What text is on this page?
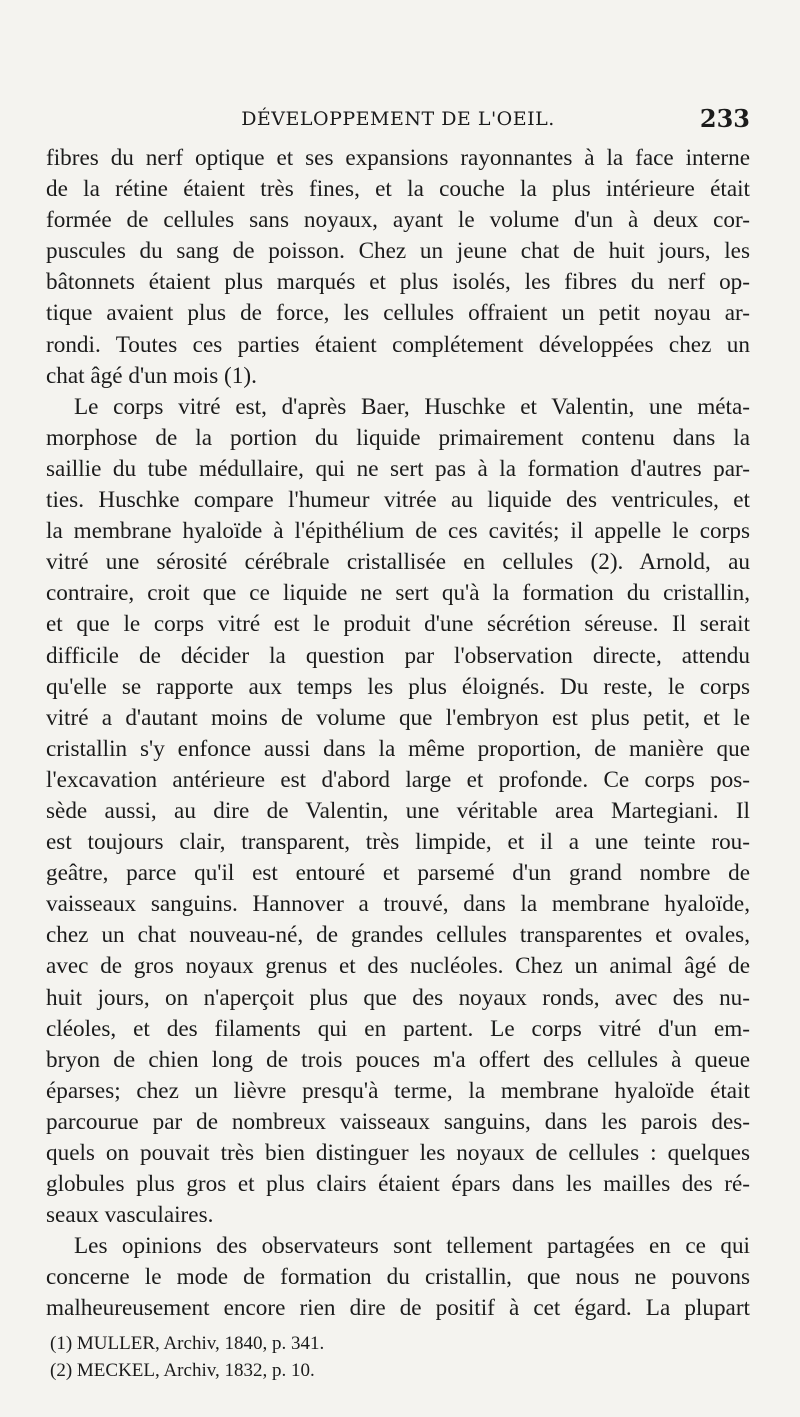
DÉVELOPPEMENT DE L'OEIL.	233
fibres du nerf optique et ses expansions rayonnantes à la face interne
de la rétine étaient très fines, et la couche la plus intérieure était
formée de cellules sans noyaux, ayant le volume d'un à deux cor-
puscules du sang de poisson. Chez un jeune chat de huit jours, les
bâtonnets étaient plus marqués et plus isolés, les fibres du nerf op-
tique avaient plus de force, les cellules offraient un petit noyau ar-
rondi. Toutes ces parties étaient complétement développées chez un
chat âgé d'un mois (1).
Le corps vitré est, d'après Baer, Huschke et Valentin, une méta-
morphose de la portion du liquide primairement contenu dans la
saillie du tube médullaire, qui ne sert pas à la formation d'autres par-
ties. Huschke compare l'humeur vitrée au liquide des ventricules, et
la membrane hyaloïde à l'épithélium de ces cavités; il appelle le corps
vitré une sérosité cérébrale cristallisée en cellules (2). Arnold, au
contraire, croit que ce liquide ne sert qu'à la formation du cristallin,
et que le corps vitré est le produit d'une sécrétion séreuse. Il serait
difficile de décider la question par l'observation directe, attendu
qu'elle se rapporte aux temps les plus éloignés. Du reste, le corps
vitré a d'autant moins de volume que l'embryon est plus petit, et le
cristallin s'y enfonce aussi dans la même proportion, de manière que
l'excavation antérieure est d'abord large et profonde. Ce corps pos-
sède aussi, au dire de Valentin, une véritable area Martegiani. Il
est toujours clair, transparent, très limpide, et il a une teinte rou-
geâtre, parce qu'il est entouré et parsemé d'un grand nombre de
vaisseaux sanguins. Hannover a trouvé, dans la membrane hyaloïde,
chez un chat nouveau-né, de grandes cellules transparentes et ovales,
avec de gros noyaux grenus et des nucléoles. Chez un animal âgé de
huit jours, on n'aperçoit plus que des noyaux ronds, avec des nu-
cléoles, et des filaments qui en partent. Le corps vitré d'un em-
bryon de chien long de trois pouces m'a offert des cellules à queue
éparses; chez un lièvre presqu'à terme, la membrane hyaloïde était
parcourue par de nombreux vaisseaux sanguins, dans les parois des-
quels on pouvait très bien distinguer les noyaux de cellules : quelques
globules plus gros et plus clairs étaient épars dans les mailles des ré-
seaux vasculaires.
Les opinions des observateurs sont tellement partagées en ce qui
concerne le mode de formation du cristallin, que nous ne pouvons
malheureusement encore rien dire de positif à cet égard. La plupart
(1) MULLER, Archiv, 1840, p. 341.
(2) MECKEL, Archiv, 1832, p. 10.
